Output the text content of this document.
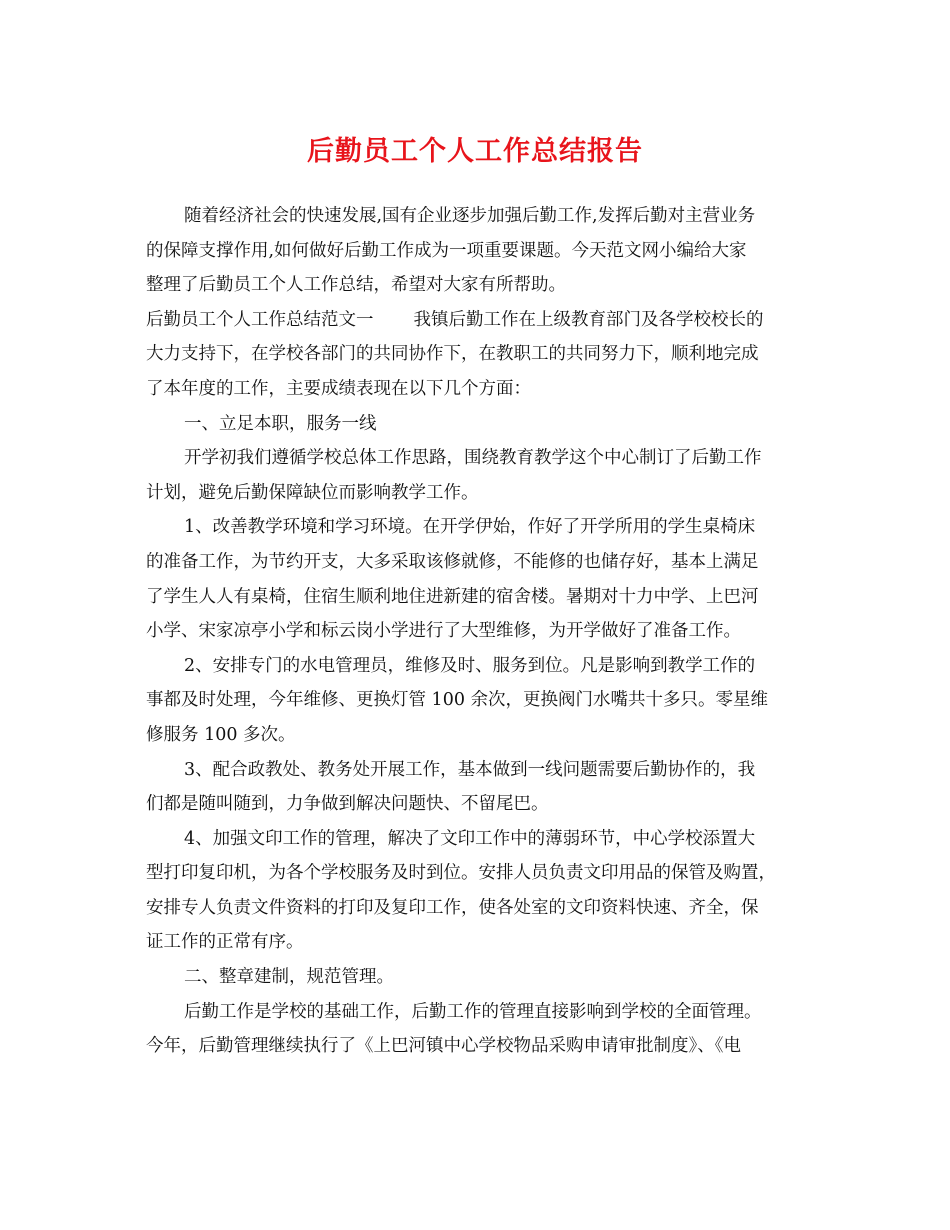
后勤员工个人工作总结报告
随着经济社会的快速发展,国有企业逐步加强后勤工作,发挥后勤对主营业务
的保障支撑作用,如何做好后勤工作成为一项重要课题。今天范文网小编给大家
整理了后勤员工个人工作总结，希望对大家有所帮助。
后勤员工个人工作总结范文一 我镇后勤工作在上级教育部门及各学校校长的
大力支持下，在学校各部门的共同协作下，在教职工的共同努力下，顺利地完成
了本年度的工作，主要成绩表现在以下几个方面：
一、立足本职，服务一线
开学初我们遵循学校总体工作思路，围绕教育教学这个中心制订了后勤工作
计划，避免后勤保障缺位而影响教学工作。
1、改善教学环境和学习环境。在开学伊始，作好了开学所用的学生桌椅床
的准备工作，为节约开支，大多采取该修就修，不能修的也储存好，基本上满足
了学生人人有桌椅，住宿生顺利地住进新建的宿舍楼。暑期对十力中学、上巴河
小学、宋家凉亭小学和标云岗小学进行了大型维修，为开学做好了准备工作。
2、安排专门的水电管理员，维修及时、服务到位。凡是影响到教学工作的
事都及时处理，今年维修、更换灯管 100 余次，更换阀门水嘴共十多只。零星维
修服务 100 多次。
3、配合政教处、教务处开展工作，基本做到一线问题需要后勤协作的，我
们都是随叫随到，力争做到解决问题快、不留尾巴。
4、加强文印工作的管理，解决了文印工作中的薄弱环节，中心学校添置大
型打印复印机，为各个学校服务及时到位。安排人员负责文印用品的保管及购置，
安排专人负责文件资料的打印及复印工作，使各处室的文印资料快速、齐全，保
证工作的正常有序。
二、整章建制，规范管理。
后勤工作是学校的基础工作，后勤工作的管理直接影响到学校的全面管理。
今年，后勤管理继续执行了《上巴河镇中心学校物品采购申请审批制度》、《电
